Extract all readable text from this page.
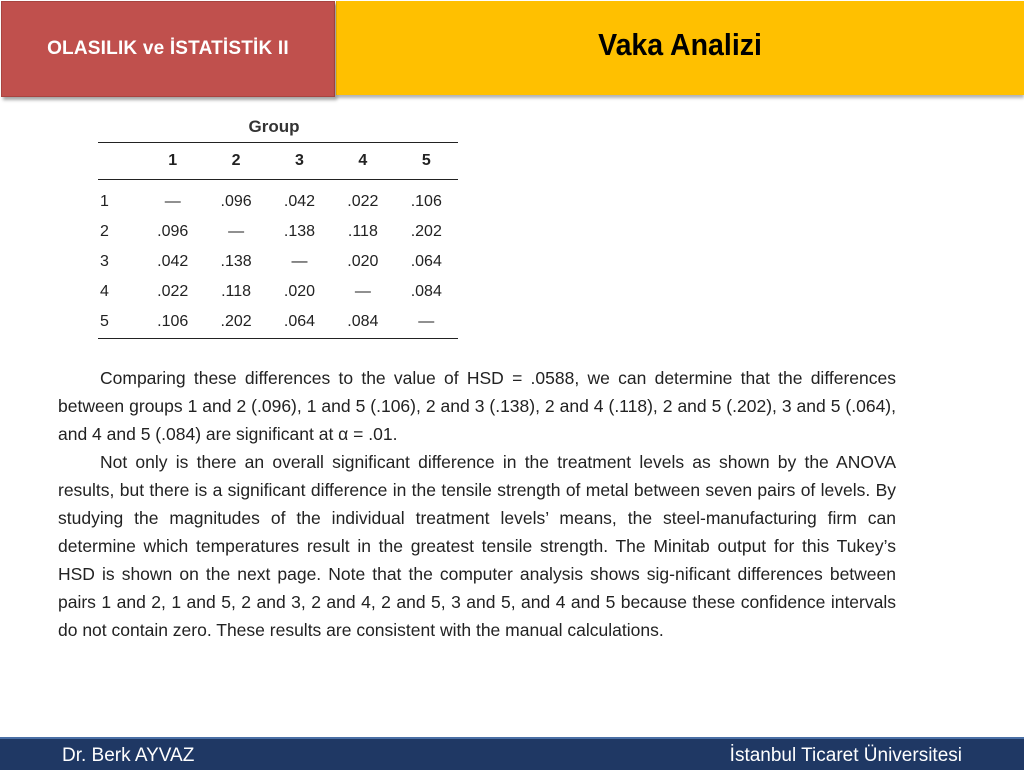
OLASILIK ve İSTATİSTİK II	Vaka Analizi
Group
	1	2	3	4	5
1	—	.096	.042	.022	.106
2	.096	—	.138	.118	.202
3	.042	.138	—	.020	.064
4	.022	.118	.020	—	.084
5	.106	.202	.064	.084	—

Comparing these differences to the value of HSD = .0588, we can determine that the differences between groups 1 and 2 (.096), 1 and 5 (.106), 2 and 3 (.138), 2 and 4 (.118), 2 and 5 (.202), 3 and 5 (.064), and 4 and 5 (.084) are significant at α = .01.

Not only is there an overall significant difference in the treatment levels as shown by the ANOVA results, but there is a significant difference in the tensile strength of metal between seven pairs of levels. By studying the magnitudes of the individual treatment levels’ means, the steel-manufacturing firm can determine which temperatures result in the greatest tensile strength. The Minitab output for this Tukey’s HSD is shown on the next page. Note that the computer analysis shows sig-nificant differences between pairs 1 and 2, 1 and 5, 2 and 3, 2 and 4, 2 and 5, 3 and 5, and 4 and 5 because these confidence intervals do not contain zero. These results are consistent with the manual calculations.

Dr. Berk AYVAZ	İstanbul Ticaret Üniversitesi
